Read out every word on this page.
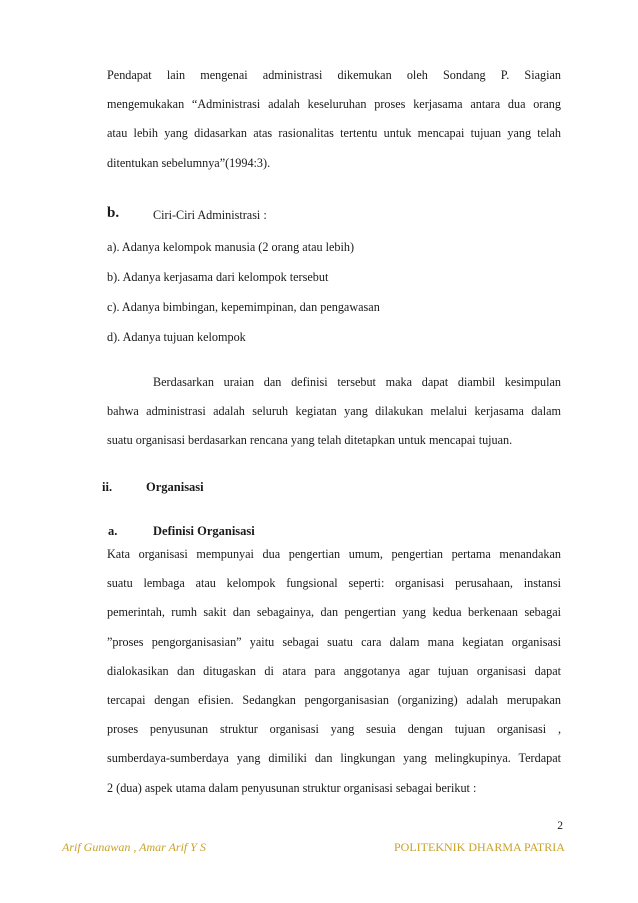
Pendapat lain mengenai administrasi dikemukan oleh Sondang P. Siagian
mengemukakan “Administrasi adalah keseluruhan proses kerjasama antara dua orang
atau lebih yang didasarkan atas rasionalitas tertentu untuk mencapai tujuan yang telah
ditentukan sebelumnya”(1994:3).
b.	Ciri-Ciri Administrasi :
a). Adanya kelompok manusia (2 orang atau lebih)
b). Adanya kerjasama dari kelompok tersebut
c). Adanya bimbingan, kepemimpinan, dan pengawasan
d). Adanya tujuan kelompok
Berdasarkan uraian dan definisi tersebut maka dapat diambil kesimpulan
bahwa administrasi adalah seluruh kegiatan yang dilakukan melalui kerjasama dalam
suatu organisasi berdasarkan rencana yang telah ditetapkan untuk mencapai tujuan.
ii.	Organisasi
a.	Definisi Organisasi
Kata organisasi mempunyai dua pengertian umum, pengertian pertama menandakan
suatu lembaga atau kelompok fungsional seperti: organisasi perusahaan, instansi
pemerintah, rumh sakit dan sebagainya, dan pengertian yang kedua berkenaan sebagai
”proses pengorganisasian” yaitu sebagai suatu cara dalam mana kegiatan organisasi
dialokasikan dan ditugaskan di atara para anggotanya agar tujuan organisasi dapat
tercapai dengan efisien. Sedangkan pengorganisasian (organizing) adalah merupakan
proses penyusunan struktur organisasi yang sesuia dengan tujuan organisasi ,
sumberdaya-sumberdaya yang dimiliki dan lingkungan yang melingkupinya. Terdapat
2 (dua) aspek utama dalam penyusunan struktur organisasi sebagai berikut :
2
Arif Gunawan , Amar Arif Y S	POLITEKNIK DHARMA PATRIA
